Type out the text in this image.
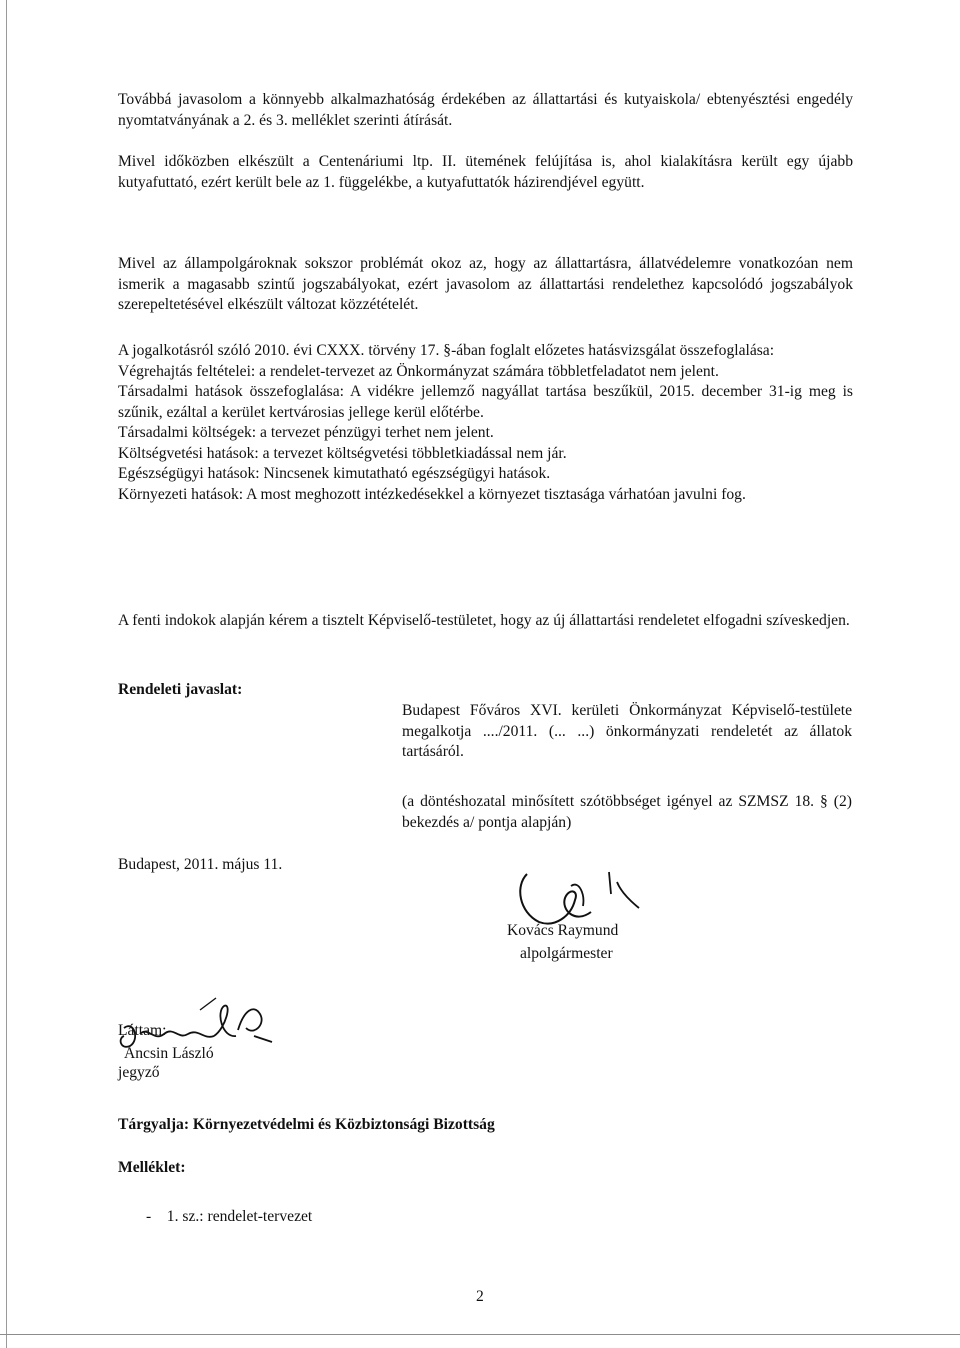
Továbbá javasolom a könnyebb alkalmazhatóság érdekében az állattartási és kutyaiskola/ ebtenyésztési engedély nyomtatványának a 2. és 3. melléklet szerinti átírását.

Mivel időközben elkészült a Centenáriumi ltp. II. ütemének felújítása is, ahol kialakításra került egy újabb kutyafuttató, ezért került bele az 1. függelékbe, a kutyafuttatók házirendjével együtt.

Mivel az állampolgároknak sokszor problémát okoz az, hogy az állattartásra, állatvédelemre vonatkozóan nem ismerik a magasabb szintű jogszabályokat, ezért javasolom az állattartási rendelethez kapcsolódó jogszabályok szerepeltetésével elkészült változat közzétételét.

A jogalkotásról szóló 2010. évi CXXX. törvény 17. §-ában foglalt előzetes hatásvizsgálat összefoglalása:

Végrehajtás feltételei: a rendelet-tervezet az Önkormányzat számára többletfeladatot nem jelent.

Társadalmi hatások összefoglalása: A vidékre jellemző nagyállat tartása beszűkül, 2015. december 31-ig meg is szűnik, ezáltal a kerület kertvárosias jellege kerül előtérbe.

Társadalmi költségek: a tervezet pénzügyi terhet nem jelent.

Költségvetési hatások: a tervezet költségvetési többletkiadással nem jár.

Egészségügyi hatások: Nincsenek kimutatható egészségügyi hatások.

Környezeti hatások: A most meghozott intézkedésekkel a környezet tisztasága várhatóan javulni fog.

A fenti indokok alapján kérem a tisztelt Képviselő-testületet, hogy az új állattartási rendeletet elfogadni szíveskedjen.

Rendeleti javaslat:

Budapest Főváros XVI. kerületi Önkormányzat Képviselő-testülete megalkotja ..../2011. (... ...) önkormányzati rendeletét az állatok tartásáról.

(a döntéshozatal minősített szótöbbséget igényel az SZMSZ 18. § (2) bekezdés a/ pontja alapján)

Budapest, 2011. május 11.
Kovács Raymund
alpolgármester
Láttam:
Ancsin László
jegyző
Tárgyalja: Környezetvédelmi és Közbiztonsági Bizottság
Melléklet:
- 1. sz.: rendelet-tervezet
2
